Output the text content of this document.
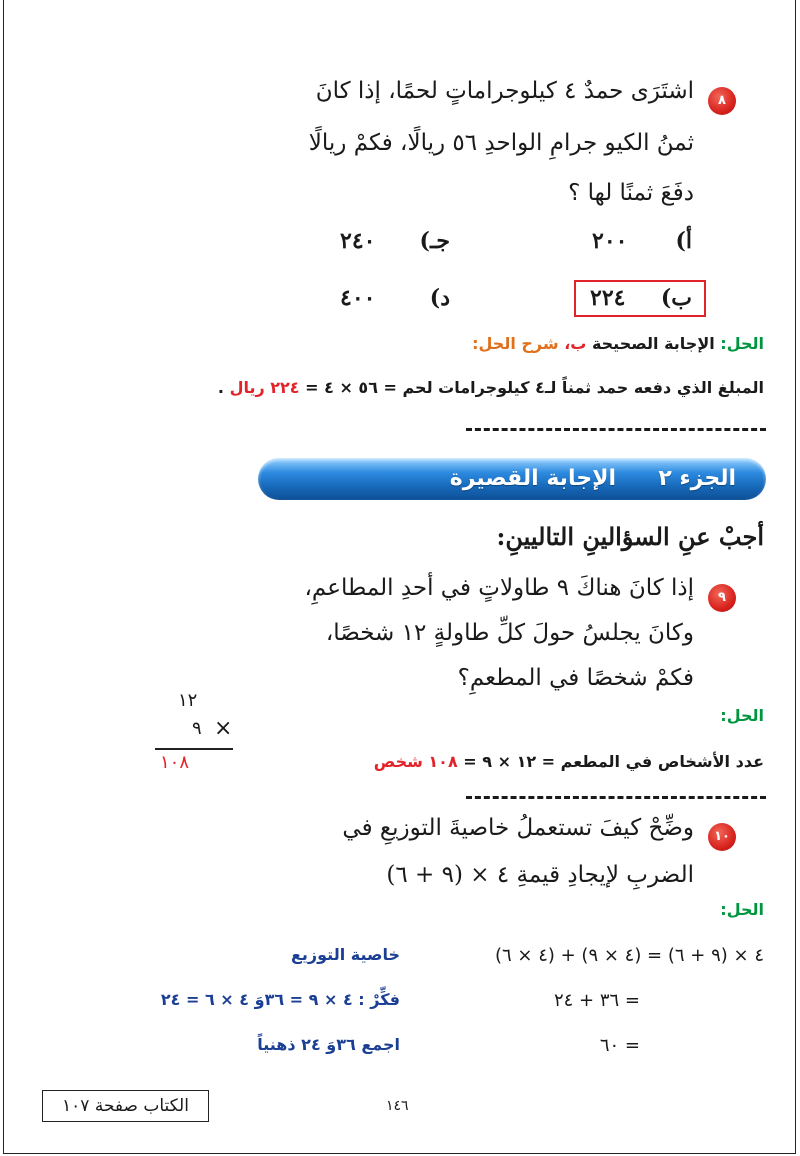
٨
اشتَرَى حمدٌ ٤ كيلوجراماتٍ لحمًا، إذا كانَ
ثمنُ الكيو جرامِ الواحدِ ٥٦ ريالًا، فكمْ ريالًا
دفَعَ ثمنًا لها ؟
أ)
٢٠٠
جـ)
٢٤٠
ب)
٢٢٤
د)
٤٠٠
الحل: الإجابة الصحيحة ب، شرح الحل:
المبلغ الذي دفعه حمد ثمناً لـ٤ كيلوجرامات لحم = ٥٦ × ٤ = ٢٢٤ ريال .
الجزء ٢
الإجابة القصيرة
أجبْ عنِ السؤالينِ التاليينِ:
٩
إذا كانَ هناكَ ٩ طاولاتٍ في أحدِ المطاعمِ،
وكانَ يجلسُ حولَ كلِّ طاولةٍ ١٢ شخصًا،
فكمْ شخصًا في المطعمِ؟
الحل:
١٢
٩ ×
١٠٨	عدد الأشخاص في المطعم = ١٢ × ٩ = ١٠٨ شخص
١٠
وضِّحْ كيفَ تستعملُ خاصيةَ التوزيعِ في
الضربِ لإيجادِ قيمةِ ٤ × (٩ + ٦)
الحل:
٤ × (٩ + ٦) = (٤ × ٩) + (٤ × ٦)
خاصية التوزيع
= ٣٦ + ٢٤
فكِّرْ : ٤ × ٩ = ٣٦وَ ٤ × ٦ = ٢٤
= ٦٠
اجمع ٣٦وَ ٢٤ ذهنياً
١٤٦
الكتاب صفحة ١٠٧
